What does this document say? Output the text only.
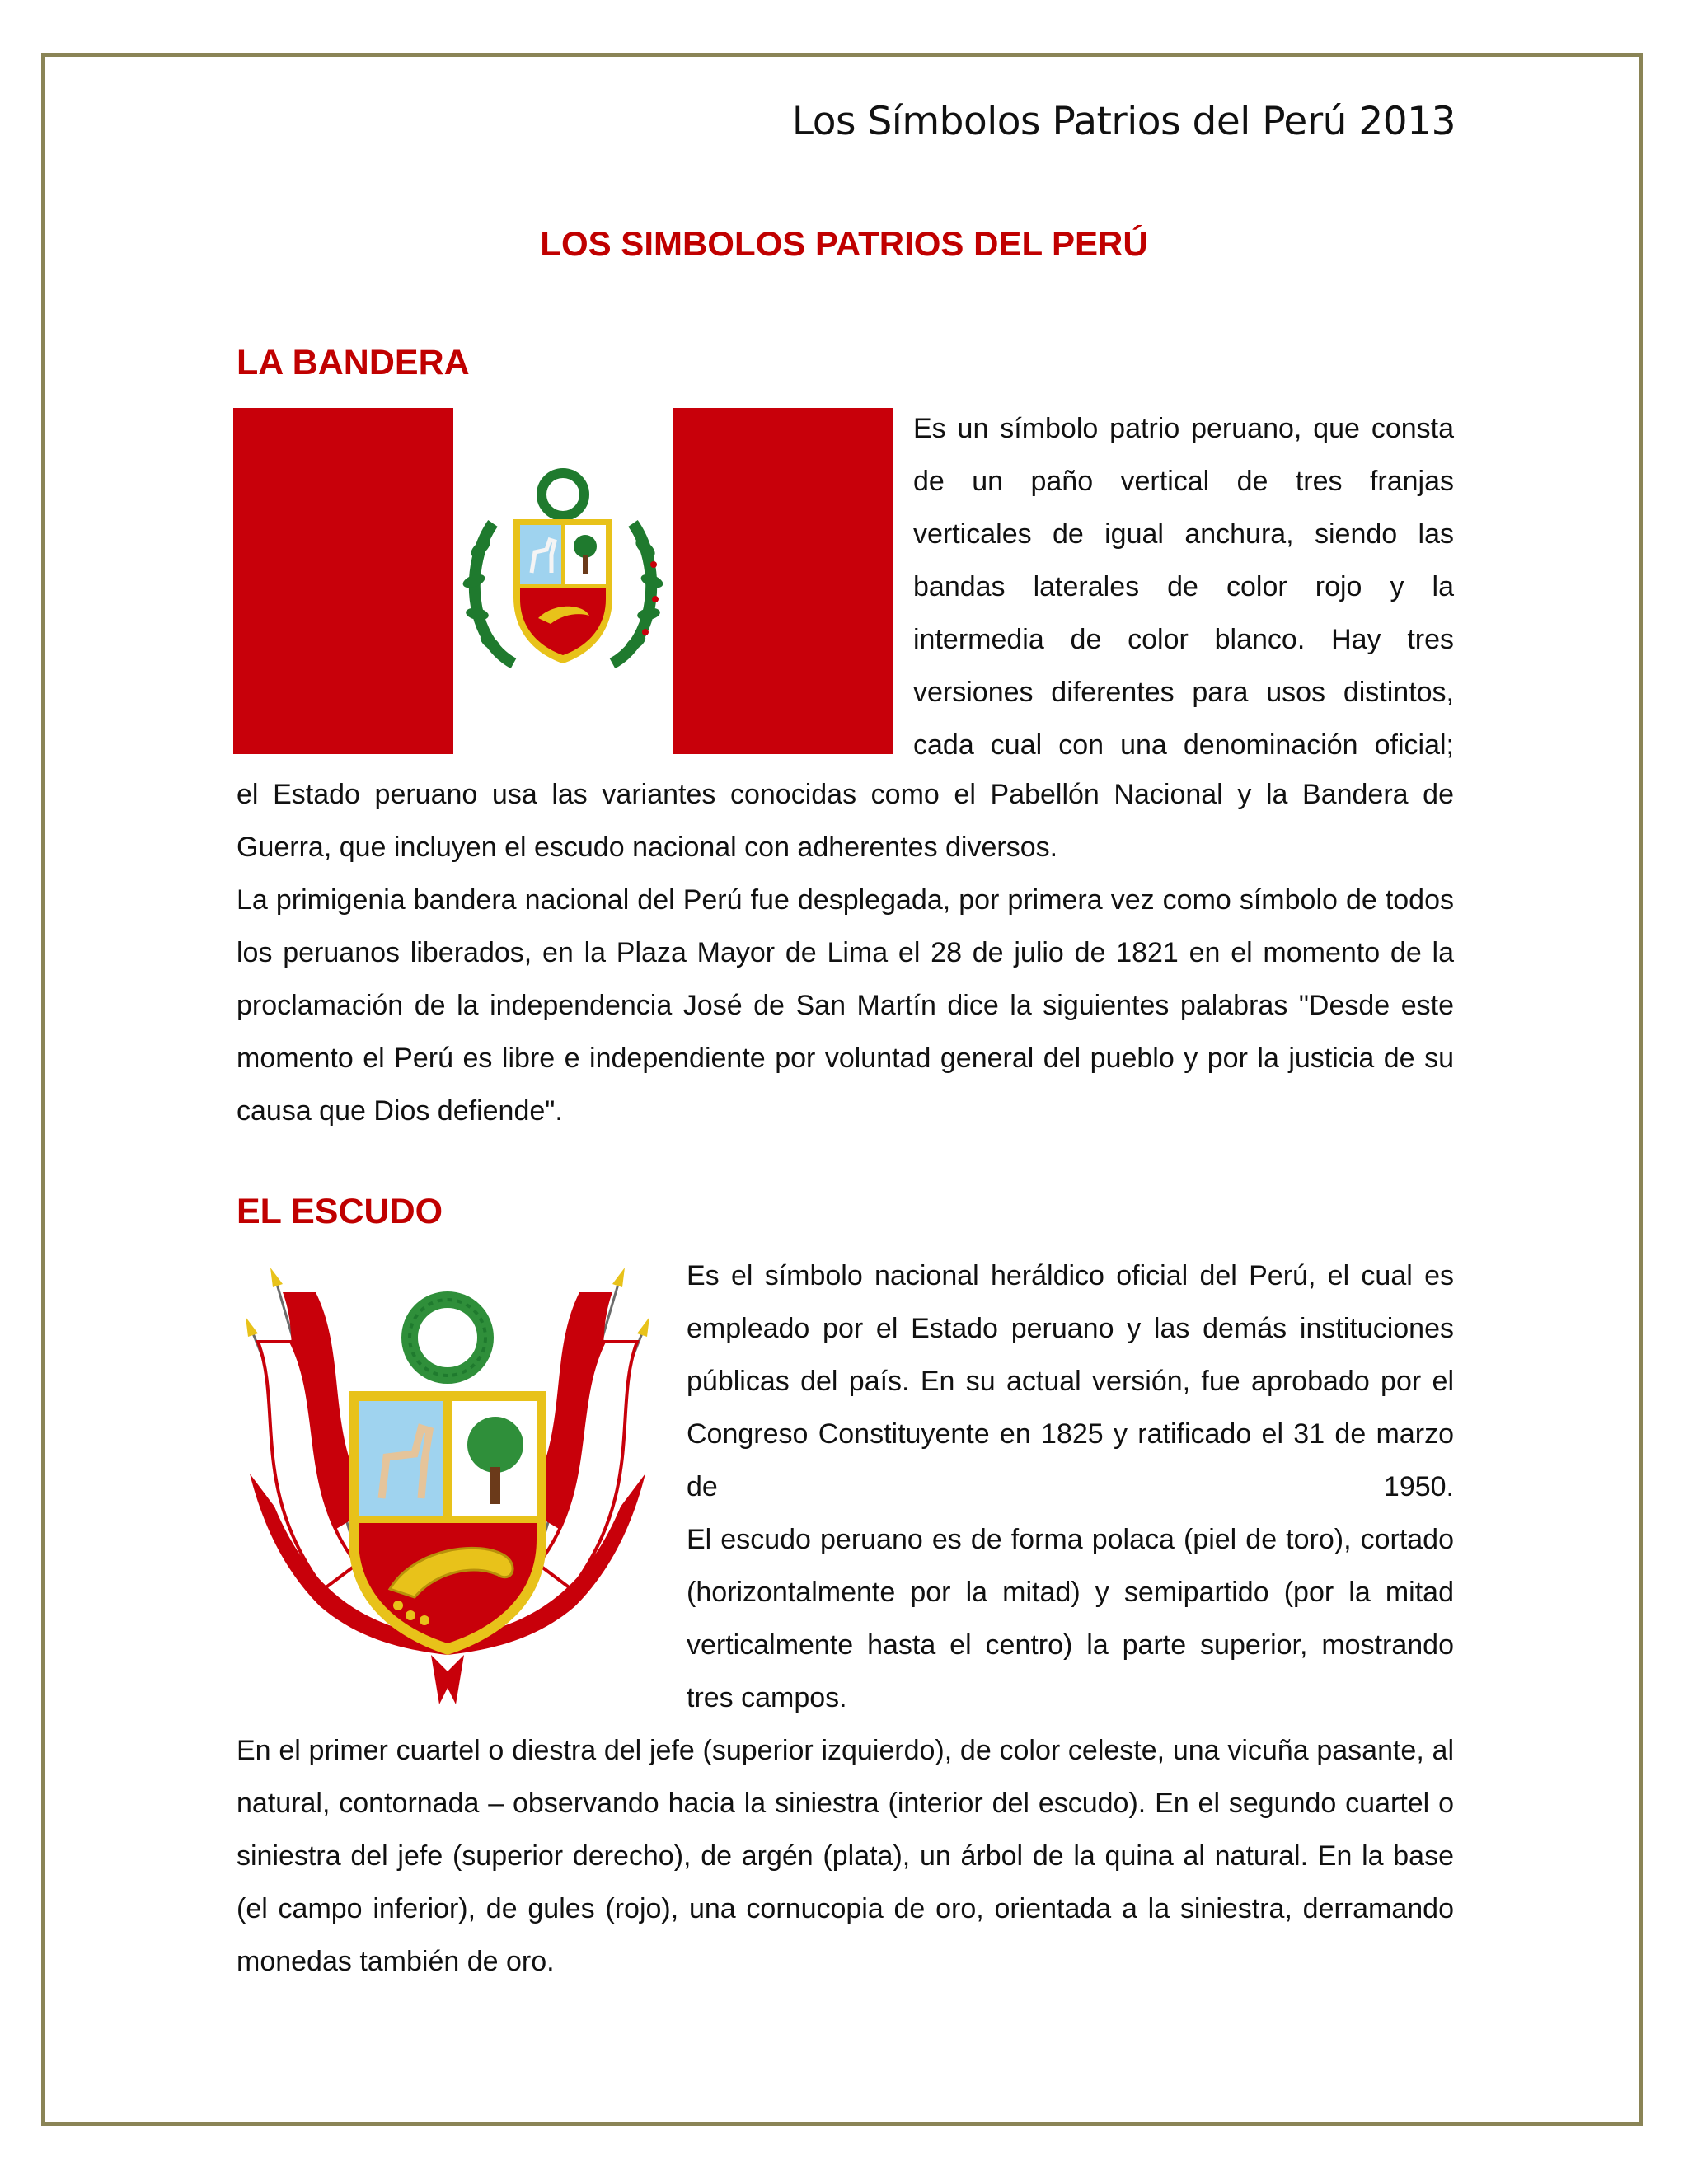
Los Símbolos Patrios del Perú 2013
LOS SIMBOLOS PATRIOS DEL PERÚ
LA BANDERA

Es un símbolo patrio peruano, que consta de un paño vertical de tres franjas verticales de igual anchura, siendo las bandas laterales de color rojo y la intermedia de color blanco. Hay tres versiones diferentes para usos distintos, cada cual con una denominación oficial;

el Estado peruano usa las variantes conocidas como el Pabellón Nacional y la Bandera de Guerra, que incluyen el escudo nacional con adherentes diversos.

La primigenia bandera nacional del Perú fue desplegada, por primera vez como símbolo de todos los peruanos liberados, en la Plaza Mayor de Lima el 28 de julio de 1821 en el momento de la proclamación de la independencia José de San Martín dice la siguientes palabras "Desde este momento el Perú es libre e independiente por voluntad general del pueblo y por la justicia de su causa que Dios defiende".

EL ESCUDO

Es el símbolo nacional heráldico oficial del Perú, el cual es empleado por el Estado peruano y las demás instituciones públicas del país. En su actual versión, fue aprobado por el Congreso Constituyente en 1825 y ratificado el 31 de marzo de 1950.

El escudo peruano es de forma polaca (piel de toro), cortado (horizontalmente por la mitad) y semipartido (por la mitad verticalmente hasta el centro) la parte superior, mostrando tres campos.

En el primer cuartel o diestra del jefe (superior izquierdo), de color celeste, una vicuña pasante, al natural, contornada – observando hacia la siniestra (interior del escudo). En el segundo cuartel o siniestra del jefe (superior derecho), de argén (plata), un árbol de la quina al natural. En la base (el campo inferior), de gules (rojo), una cornucopia de oro, orientada a la siniestra, derramando monedas también de oro.
